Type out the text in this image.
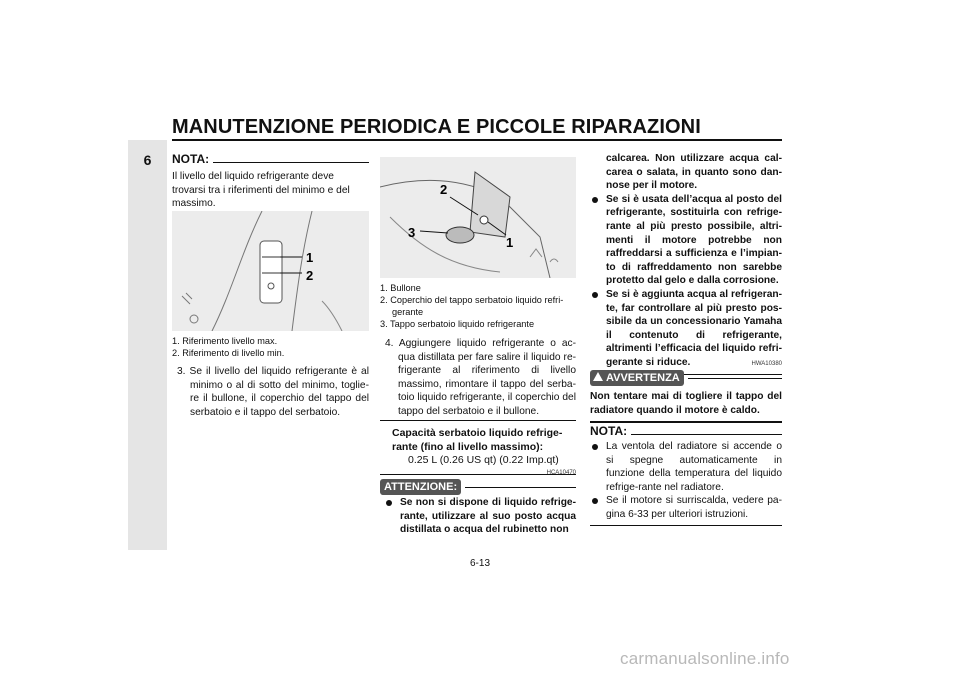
MANUTENZIONE PERIODICA E PICCOLE RIPARAZIONI
6	NOTA:
Il livello del liquido refrigerante deve trovarsi tra i riferimenti del minimo e del massimo.
1
2
1. Riferimento livello max.
2. Riferimento di livello min.
3. Se il livello del liquido refrigerante è al minimo o al di sotto del minimo, toglie-re il bullone, il coperchio del tappo del serbatoio e il tappo del serbatoio.
2
3
1
1. Bullone
2. Coperchio del tappo serbatoio liquido refri-gerante
3. Tappo serbatoio liquido refrigerante
4. Aggiungere liquido refrigerante o ac-qua distillata per fare salire il liquido re-frigerante al riferimento di livello massimo, rimontare il tappo del serba-toio liquido refrigerante, il coperchio del tappo del serbatoio e il bullone.
Capacità serbatoio liquido refrige-rante (fino al livello massimo):
0.25 L (0.26 US qt) (0.22 Imp.qt)
HCA10470
ATTENZIONE:
Se non si dispone di liquido refrige-rante, utilizzare al suo posto acqua distillata o acqua del rubinetto non
calcarea. Non utilizzare acqua cal-carea o salata, in quanto sono dan-nose per il motore.
Se si è usata dell’acqua al posto del refrigerante, sostituirla con refrige-rante al più presto possibile, altri-menti il motore potrebbe non raffreddarsi a sufficienza e l’impian-to di raffreddamento non sarebbe protetto dal gelo e dalla corrosione.
Se si è aggiunta acqua al refrigeran-te, far controllare al più presto pos-sibile da un concessionario Yamaha il contenuto di refrigerante, altrimenti l’efficacia del liquido refri-gerante si riduce.	HWA10380
AVVERTENZA
Non tentare mai di togliere il tappo del radiatore quando il motore è caldo.
NOTA:
La ventola del radiatore si accende o si spegne automaticamente in funzione della temperatura del liquido refrige-rante nel radiatore.
Se il motore si surriscalda, vedere pa-gina 6-33 per ulteriori istruzioni.
6-13
carmanualsonline.info
